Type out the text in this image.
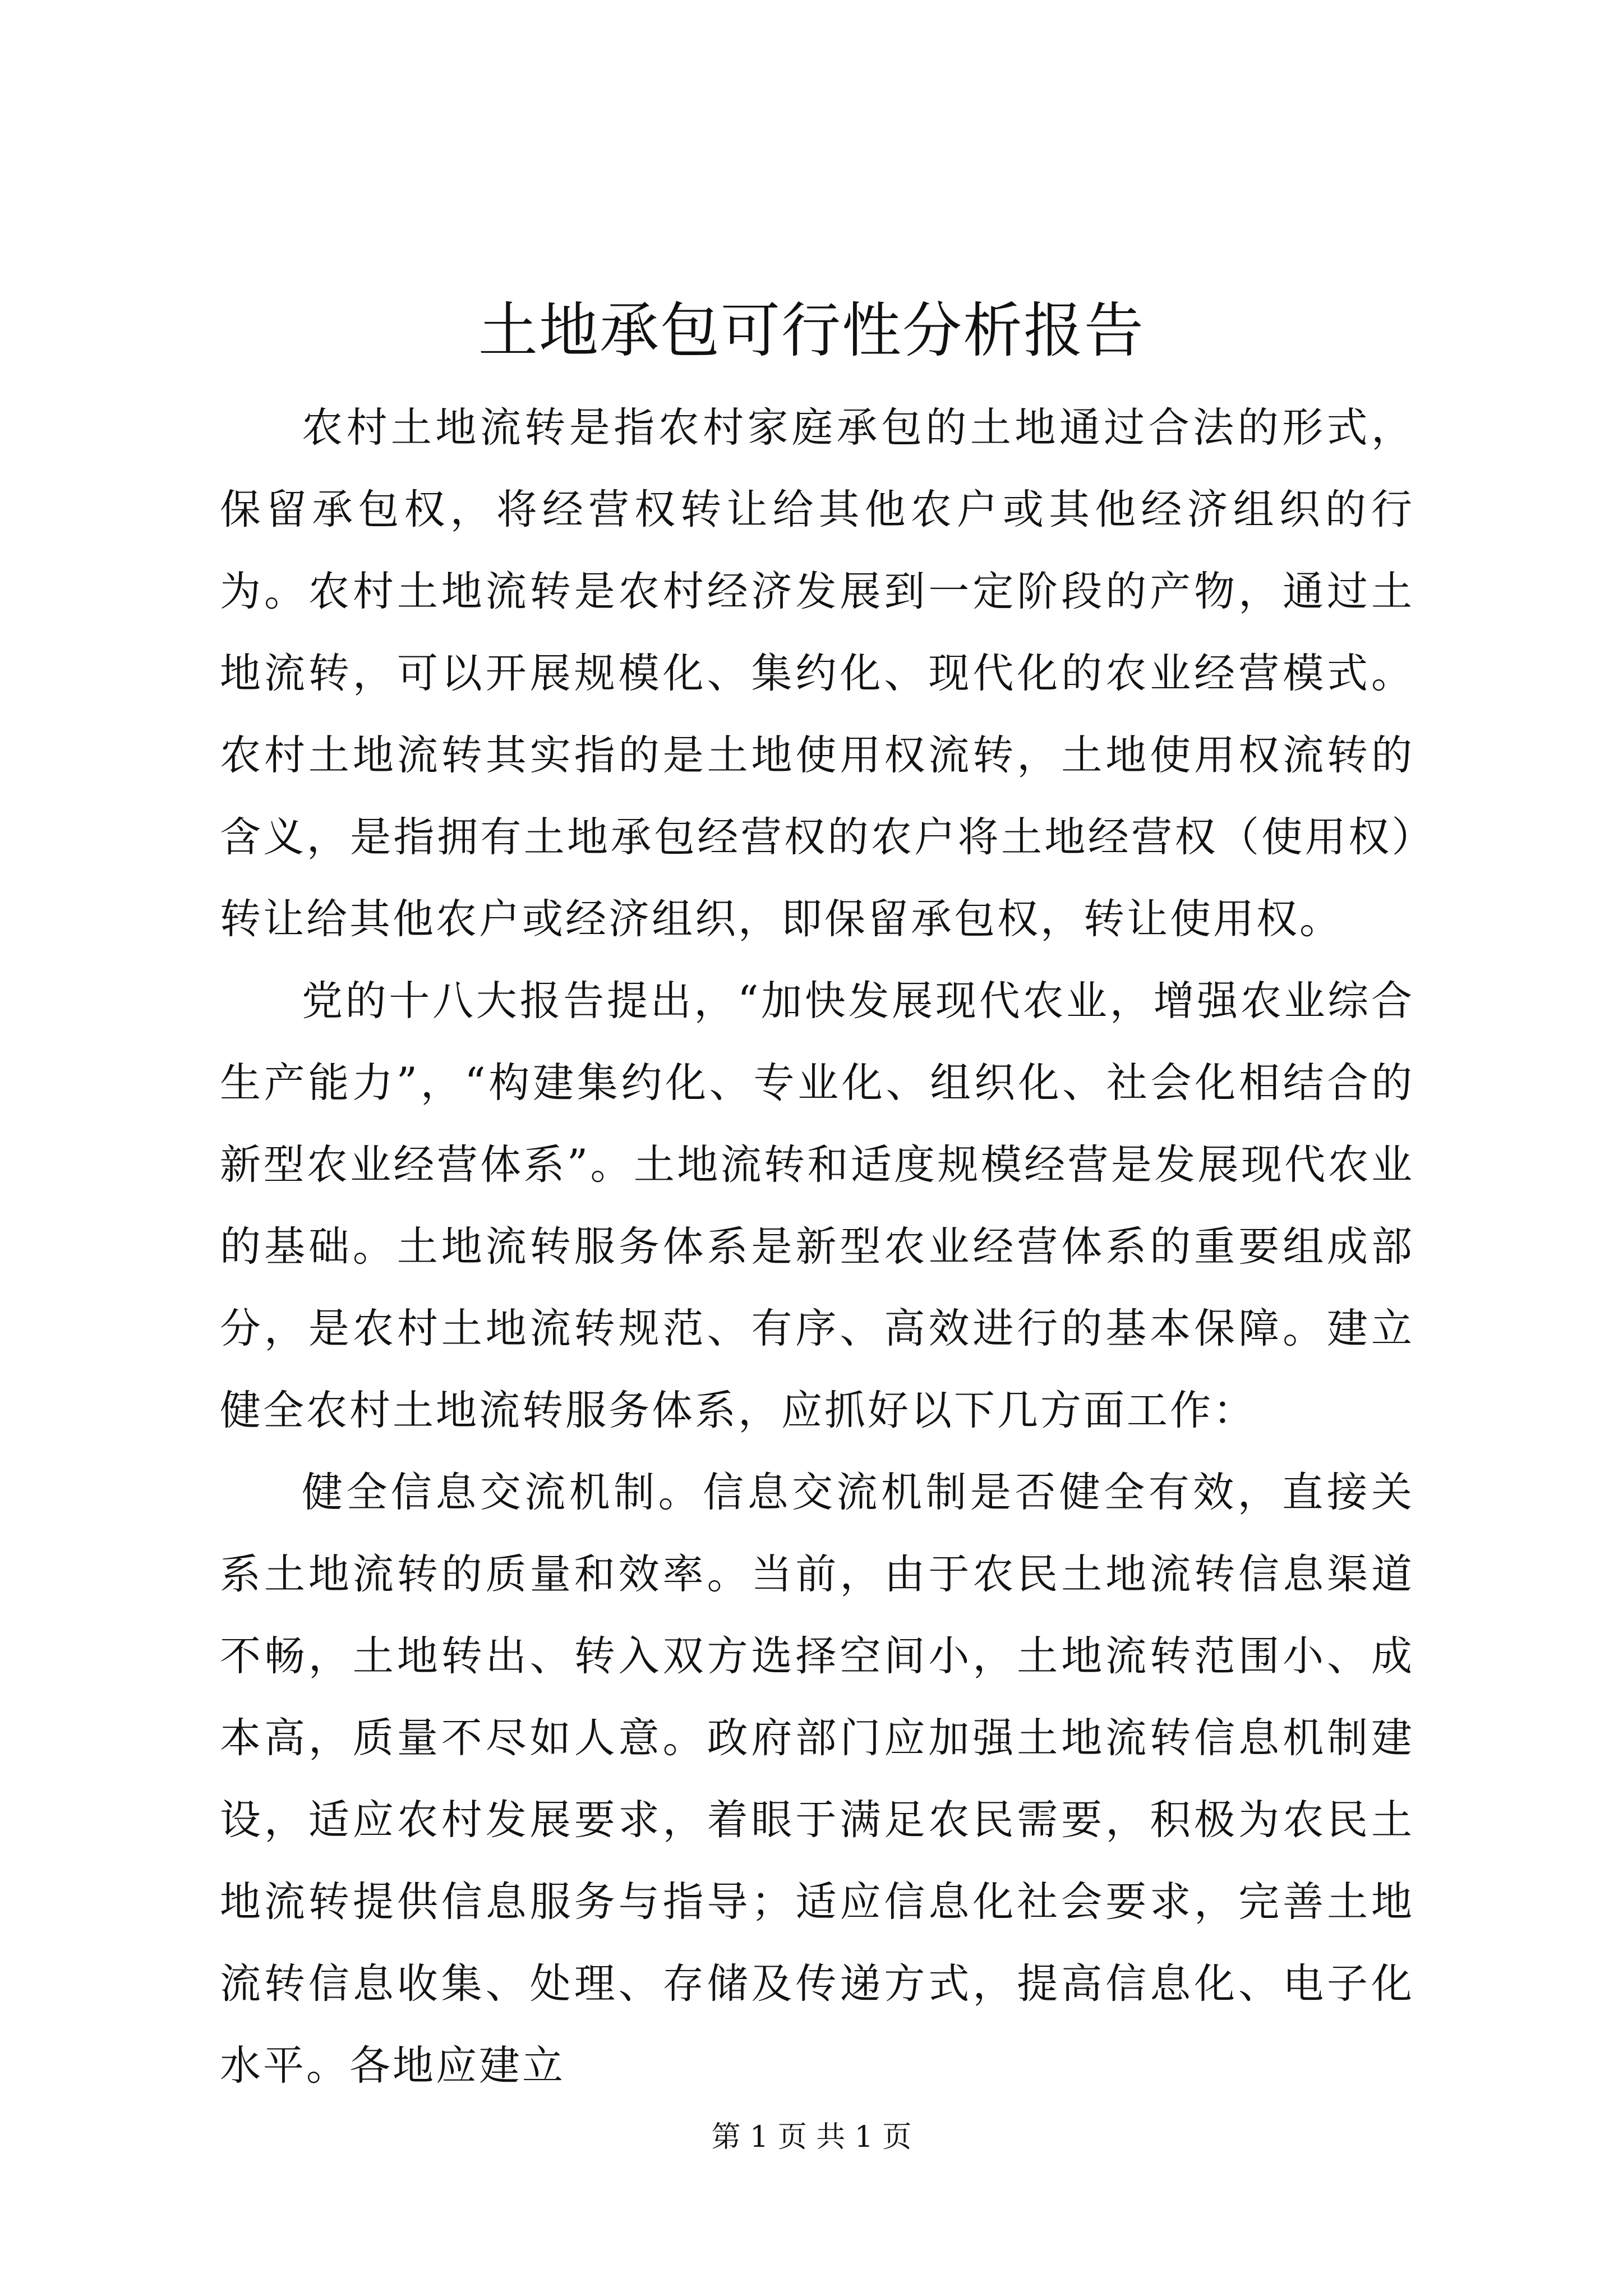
土地承包可行性分析报告

农村土地流转是指农村家庭承包的土地通过合法的形式，保留承包权，将经营权转让给其他农户或其他经济组织的行为。农村土地流转是农村经济发展到一定阶段的产物，通过土地流转，可以开展规模化、集约化、现代化的农业经营模式。农村土地流转其实指的是土地使用权流转，土地使用权流转的含义，是指拥有土地承包经营权的农户将土地经营权（使用权）转让给其他农户或经济组织，即保留承包权，转让使用权。

党的十八大报告提出，“加快发展现代农业，增强农业综合生产能力”，“构建集约化、专业化、组织化、社会化相结合的新型农业经营体系”。土地流转和适度规模经营是发展现代农业的基础。土地流转服务体系是新型农业经营体系的重要组成部分，是农村土地流转规范、有序、高效进行的基本保障。建立健全农村土地流转服务体系，应抓好以下几方面工作：

健全信息交流机制。信息交流机制是否健全有效，直接关系土地流转的质量和效率。当前，由于农民土地流转信息渠道不畅，土地转出、转入双方选择空间小，土地流转范围小、成本高，质量不尽如人意。政府部门应加强土地流转信息机制建设，适应农村发展要求，着眼于满足农民需要，积极为农民土地流转提供信息服务与指导；适应信息化社会要求，完善土地流转信息收集、处理、存储及传递方式，提高信息化、电子化水平。各地应建立

第 1 页 共 1 页
